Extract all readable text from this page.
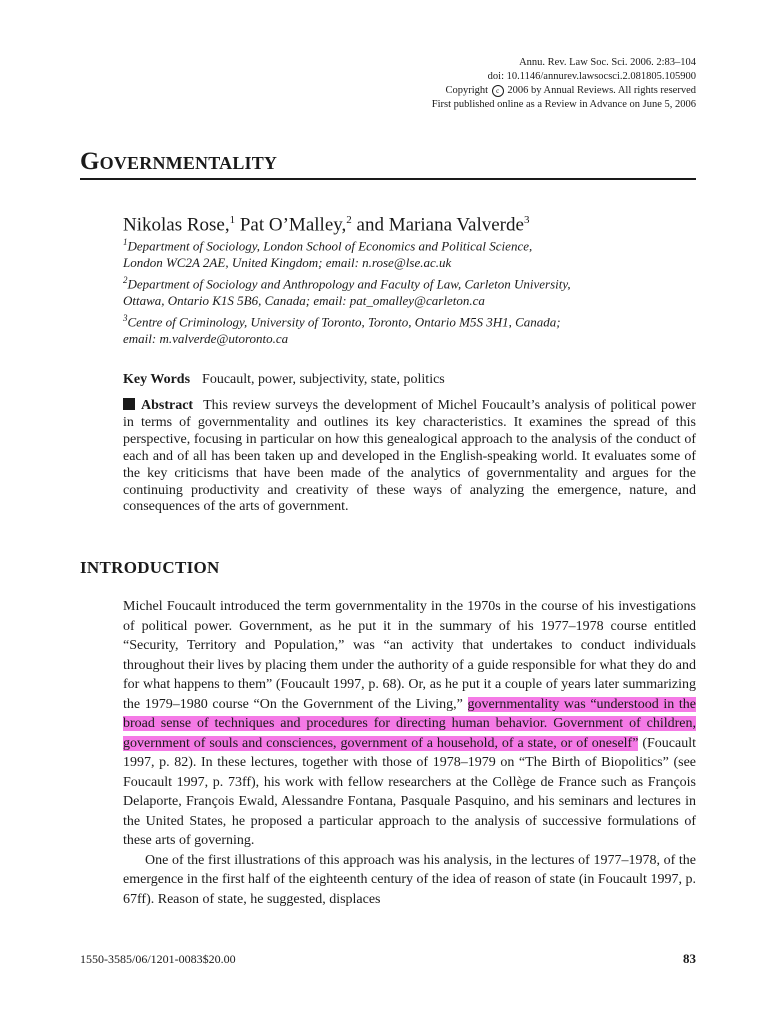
Annu. Rev. Law Soc. Sci. 2006. 2:83–104
doi: 10.1146/annurev.lawsocsci.2.081805.105900
Copyright c 2006 by Annual Reviews. All rights reserved
First published online as a Review in Advance on June 5, 2006
Governmentality
Nikolas Rose,$^1$ Pat O’Malley,$^2$ and Mariana Valverde$^3$
$^1$Department of Sociology, London School of Economics and Political Science,
London WC2A 2AE, United Kingdom; email: n.rose@lse.ac.uk
$^2$Department of Sociology and Anthropology and Faculty of Law, Carleton University,
Ottawa, Ontario K1S 5B6, Canada; email: pat_omalley@carleton.ca
$^3$Centre of Criminology, University of Toronto, Toronto, Ontario M5S 3H1, Canada;
email: m.valverde@utoronto.ca
Key Words Foucault, power, subjectivity, state, politics

Abstract This review surveys the development of Michel Foucault’s analysis of political power in terms of governmentality and outlines its key characteristics. It examines the spread of this perspective, focusing in particular on how this genealogical approach to the analysis of the conduct of each and of all has been taken up and developed in the English-speaking world. It evaluates some of the key criticisms that have been made of the analytics of governmentality and argues for the continuing productivity and creativity of these ways of analyzing the emergence, nature, and consequences of the arts of government.

INTRODUCTION

Michel Foucault introduced the term governmentality in the 1970s in the course of his investigations of political power. Government, as he put it in the summary of his 1977–1978 course entitled “Security, Territory and Population,” was “an activity that undertakes to conduct individuals throughout their lives by placing them under the authority of a guide responsible for what they do and for what happens to them” (Foucault 1997, p. 68). Or, as he put it a couple of years later summarizing the 1979–1980 course “On the Government of the Living,” governmentality was “understood in the broad sense of techniques and procedures for directing human behavior. Government of children, government of souls and consciences, government of a household, of a state, or of oneself” (Foucault 1997, p. 82). In these lectures, together with those of 1978–1979 on “The Birth of Biopolitics” (see Foucault 1997, p. 73ff), his work with fellow researchers at the Collège de France such as François Delaporte, François Ewald, Alessandre Fontana, Pasquale Pasquino, and his seminars and lectures in the United States, he proposed a particular approach to the analysis of successive formulations of these arts of governing.

One of the first illustrations of this approach was his analysis, in the lectures of 1977–1978, of the emergence in the first half of the eighteenth century of the idea of reason of state (in Foucault 1997, p. 67ff). Reason of state, he suggested, displaces

1550-3585/06/1201-0083$20.00	83
